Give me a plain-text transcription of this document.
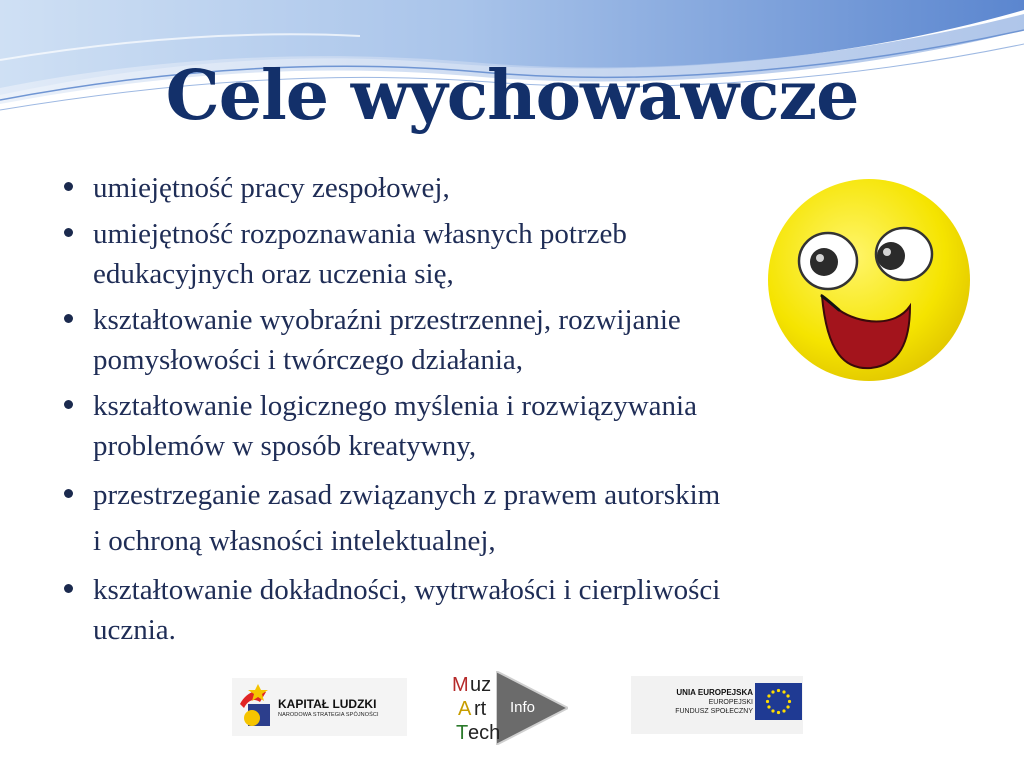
Cele wychowawcze
umiejętność pracy zespołowej,
umiejętność rozpoznawania własnych potrzeb
edukacyjnych oraz uczenia się,
kształtowanie wyobraźni przestrzennej, rozwijanie
pomysłowości i twórczego działania,
kształtowanie logicznego myślenia i rozwiązywania
problemów w sposób kreatywny,
przestrzeganie zasad związanych z prawem autorskim
i ochroną własności intelektualnej,
kształtowanie dokładności, wytrwałości i cierpliwości
ucznia.
KAPITAŁ LUDZKI
NARODOWA STRATEGIA SPÓJNOŚCI
M uz
A rt
T ech
Info
UNIA EUROPEJSKA
EUROPEJSKI
FUNDUSZ SPOŁECZNY
